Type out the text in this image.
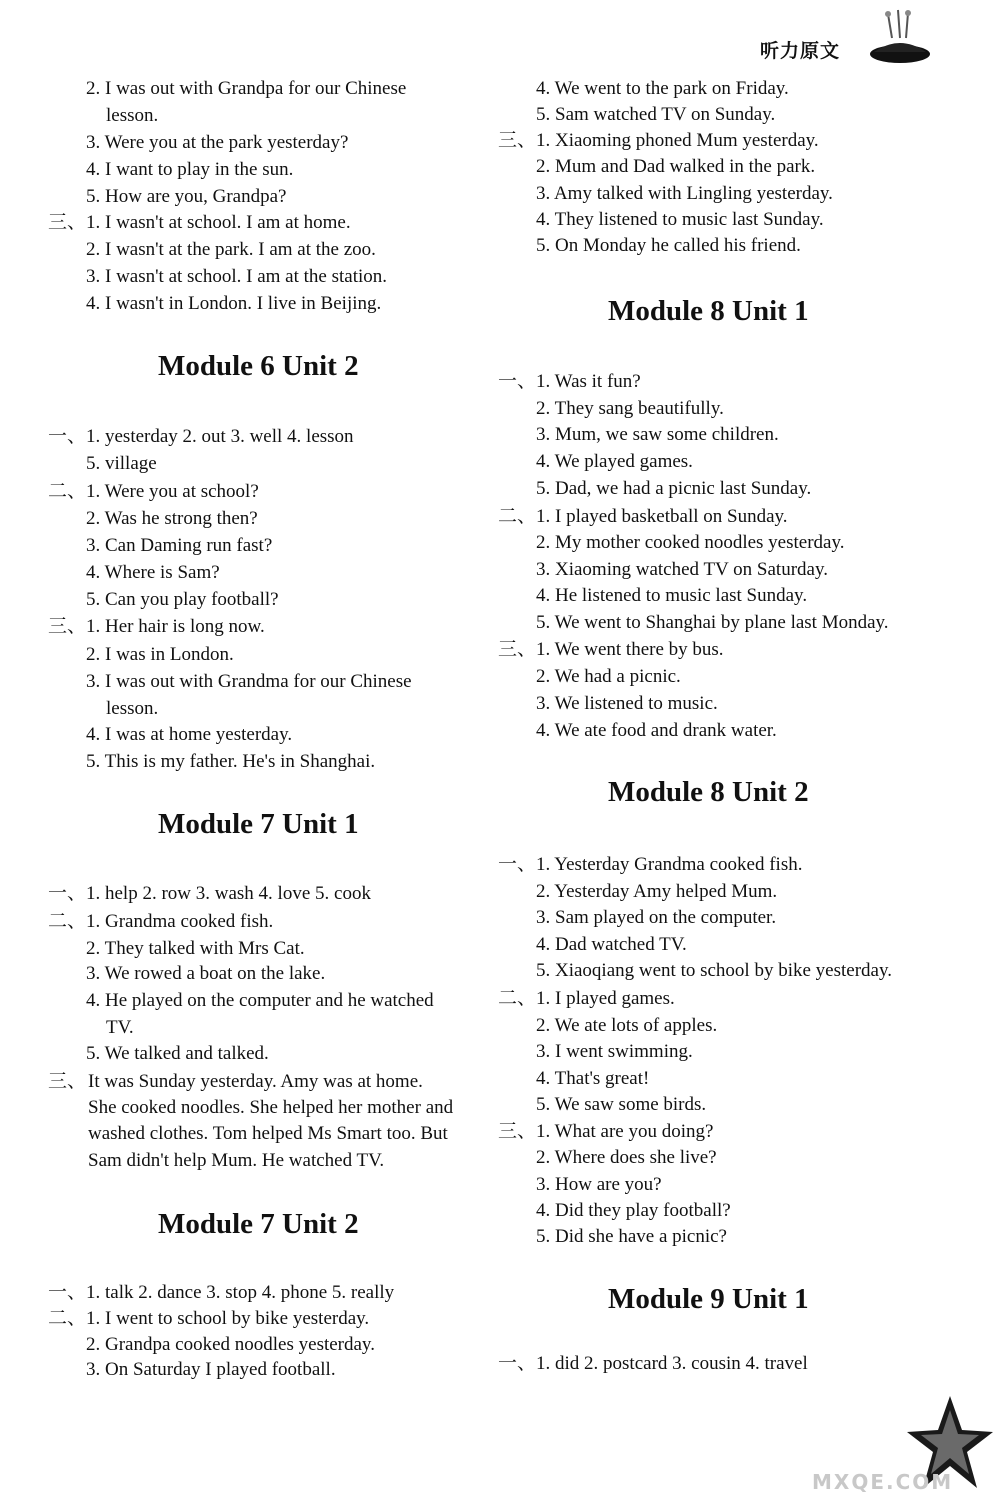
听力原文
2. I was out with Grandpa for our Chinese
lesson.
3. Were you at the park yesterday?
4. I want to play in the sun.
5. How are you, Grandpa?
三、 1. I wasn't at school. I am at home.
2. I wasn't at the park. I am at the zoo.
3. I wasn't at school. I am at the station.
4. I wasn't in London. I live in Beijing.
Module 6 Unit 2
一、 1. yesterday 2. out 3. well 4. lesson
5. village
二、 1. Were you at school?
2. Was he strong then?
3. Can Daming run fast?
4. Where is Sam?
5. Can you play football?
三、 1. Her hair is long now.
2. I was in London.
3. I was out with Grandma for our Chinese
lesson.
4. I was at home yesterday.
5. This is my father. He's in Shanghai.
Module 7 Unit 1
一、 1. help 2. row 3. wash 4. love 5. cook
二、 1. Grandma cooked fish.
2. They talked with Mrs Cat.
3. We rowed a boat on the lake.
4. He played on the computer and he watched
TV.
5. We talked and talked.
三、 It was Sunday yesterday. Amy was at home.
She cooked noodles. She helped her mother and
washed clothes. Tom helped Ms Smart too. But
Sam didn't help Mum. He watched TV.
Module 7 Unit 2
一、 1. talk 2. dance 3. stop 4. phone 5. really
二、 1. I went to school by bike yesterday.
2. Grandpa cooked noodles yesterday.
3. On Saturday I played football.
4. We went to the park on Friday.
5. Sam watched TV on Sunday.
三、 1. Xiaoming phoned Mum yesterday.
2. Mum and Dad walked in the park.
3. Amy talked with Lingling yesterday.
4. They listened to music last Sunday.
5. On Monday he called his friend.
Module 8 Unit 1
一、 1. Was it fun?
2. They sang beautifully.
3. Mum, we saw some children.
4. We played games.
5. Dad, we had a picnic last Sunday.
二、 1. I played basketball on Sunday.
2. My mother cooked noodles yesterday.
3. Xiaoming watched TV on Saturday.
4. He listened to music last Sunday.
5. We went to Shanghai by plane last Monday.
三、 1. We went there by bus.
2. We had a picnic.
3. We listened to music.
4. We ate food and drank water.
Module 8 Unit 2
一、 1. Yesterday Grandma cooked fish.
2. Yesterday Amy helped Mum.
3. Sam played on the computer.
4. Dad watched TV.
5. Xiaoqiang went to school by bike yesterday.
二、 1. I played games.
2. We ate lots of apples.
3. I went swimming.
4. That's great!
5. We saw some birds.
三、 1. What are you doing?
2. Where does she live?
3. How are you?
4. Did they play football?
5. Did she have a picnic?
Module 9 Unit 1
一、 1. did 2. postcard 3. cousin 4. travel
MXQE.COM
